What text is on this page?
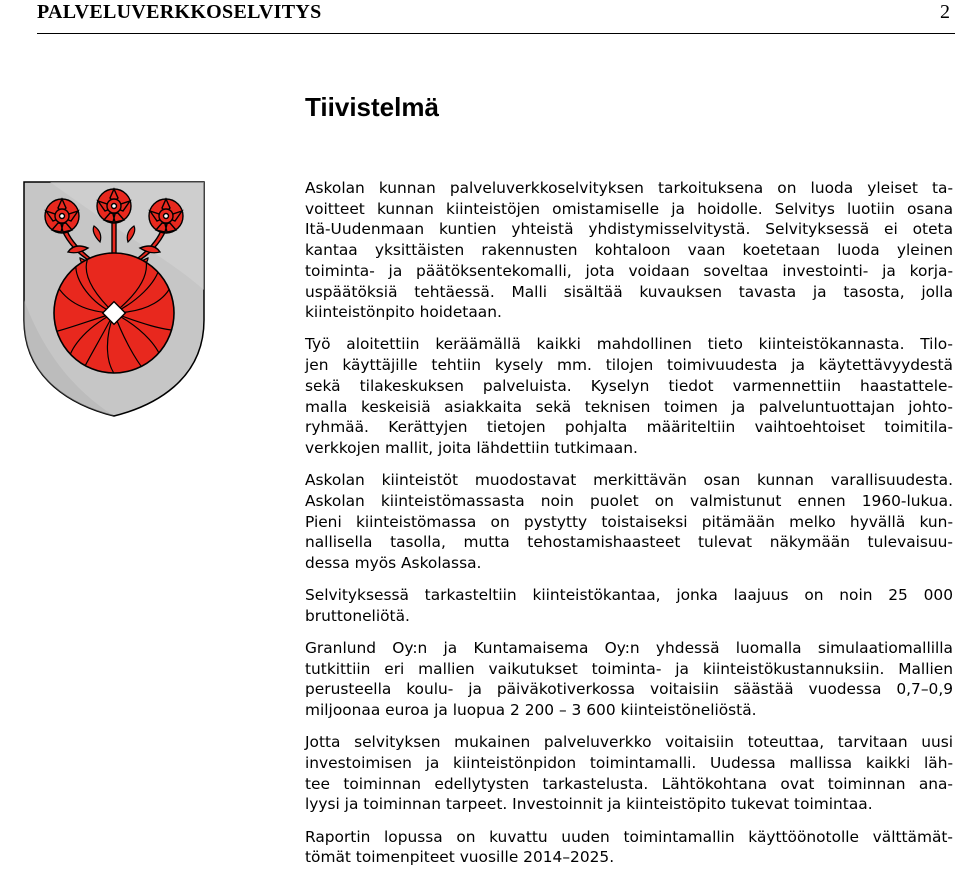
PALVELUVERKKOSELVITYS	2
Tiivistelmä

Askolan kunnan palveluverkkoselvityksen tarkoituksena on luoda yleiset ta-
voitteet kunnan kiinteistöjen omistamiselle ja hoidolle. Selvitys luotiin osana
Itä-Uudenmaan kuntien yhteistä yhdistymisselvitystä. Selvityksessä ei oteta
kantaa yksittäisten rakennusten kohtaloon vaan koetetaan luoda yleinen
toiminta- ja päätöksentekomalli, jota voidaan soveltaa investointi- ja korja-
uspäätöksiä tehtäessä. Malli sisältää kuvauksen tavasta ja tasosta, jolla
kiinteistönpito hoidetaan.

Työ aloitettiin keräämällä kaikki mahdollinen tieto kiinteistökannasta. Tilo-
jen käyttäjille tehtiin kysely mm. tilojen toimivuudesta ja käytettävyydestä
sekä tilakeskuksen palveluista. Kyselyn tiedot varmennettiin haastattele-
malla keskeisiä asiakkaita sekä teknisen toimen ja palveluntuottajan johto-
ryhmää. Kerättyjen tietojen pohjalta määriteltiin vaihtoehtoiset toimitila-
verkkojen mallit, joita lähdettiin tutkimaan.

Askolan kiinteistöt muodostavat merkittävän osan kunnan varallisuudesta.
Askolan kiinteistömassasta noin puolet on valmistunut ennen 1960-lukua.
Pieni kiinteistömassa on pystytty toistaiseksi pitämään melko hyvällä kun-
nallisella tasolla, mutta tehostamishaasteet tulevat näkymään tulevaisuu-
dessa myös Askolassa.

Selvityksessä tarkasteltiin kiinteistökantaa, jonka laajuus on noin 25 000
bruttoneliötä.

Granlund Oy:n ja Kuntamaisema Oy:n yhdessä luomalla simulaatiomallilla
tutkittiin eri mallien vaikutukset toiminta- ja kiinteistökustannuksiin. Mallien
perusteella koulu- ja päiväkotiverkossa voitaisiin säästää vuodessa 0,7–0,9
miljoonaa euroa ja luopua 2 200 – 3 600 kiinteistöneliöstä.

Jotta selvityksen mukainen palveluverkko voitaisiin toteuttaa, tarvitaan uusi
investoimisen ja kiinteistönpidon toimintamalli. Uudessa mallissa kaikki läh-
tee toiminnan edellytysten tarkastelusta. Lähtökohtana ovat toiminnan ana-
lyysi ja toiminnan tarpeet. Investoinnit ja kiinteistöpito tukevat toimintaa.

Raportin lopussa on kuvattu uuden toimintamallin käyttöönotolle välttämät-
tömät toimenpiteet vuosille 2014–2025.
